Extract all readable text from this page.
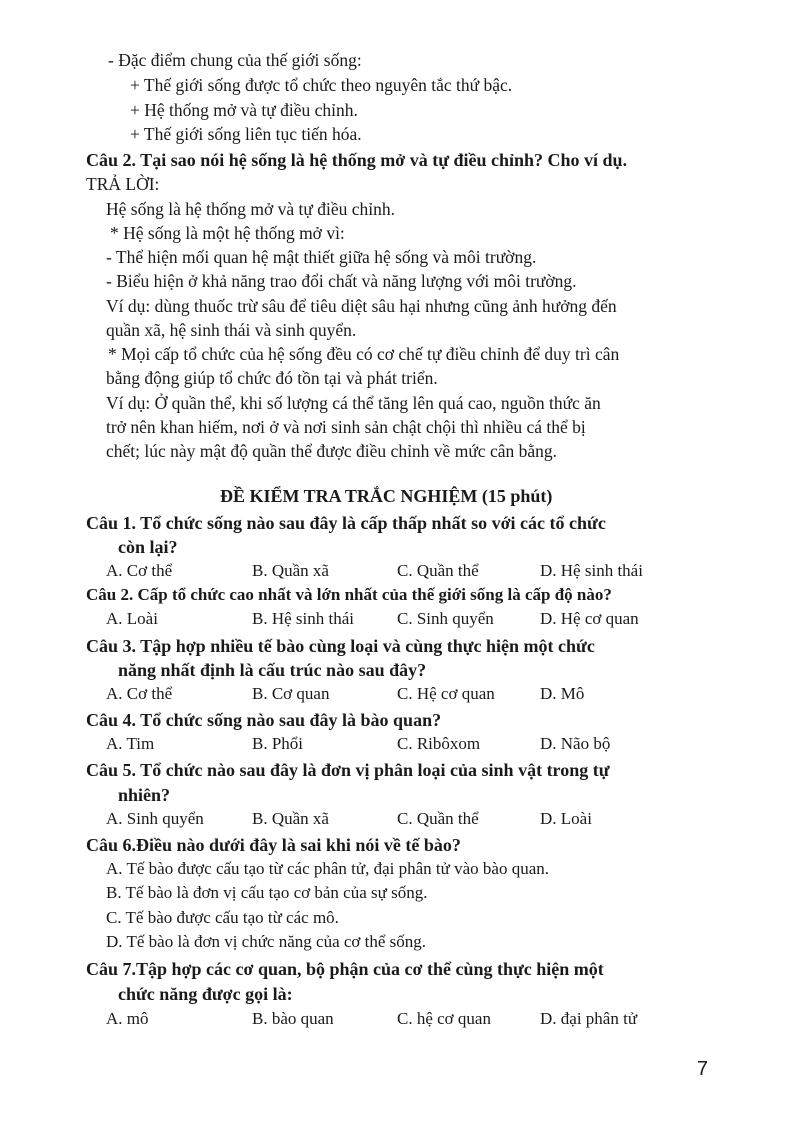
- Đặc điểm chung của thế giới sống:
+ Thế giới sống được tổ chức theo nguyên tắc thứ bậc.
+ Hệ thống mở và tự điều chỉnh.
+ Thế giới sống liên tục tiến hóa.
Câu 2. Tại sao nói hệ sống là hệ thống mở và tự điều chỉnh? Cho ví dụ.
TRẢ LỜI:
Hệ sống là hệ thống mở và tự điều chỉnh.
* Hệ sống là một hệ thống mở vì:
- Thể hiện mối quan hệ mật thiết giữa hệ sống và môi trường.
- Biểu hiện ở khả năng trao đổi chất và năng lượng với môi trường.
Ví dụ: dùng thuốc trừ sâu để tiêu diệt sâu hại nhưng cũng ảnh hưởng đến
quần xã, hệ sinh thái và sinh quyển.
* Mọi cấp tổ chức của hệ sống đều có cơ chế tự điều chỉnh để duy trì cân
bằng động giúp tổ chức đó tồn tại và phát triển.
Ví dụ: Ở quần thể, khi số lượng cá thể tăng lên quá cao, nguồn thức ăn
trở nên khan hiếm, nơi ở và nơi sinh sản chật chội thì nhiều cá thể bị
chết; lúc này mật độ quần thể được điều chỉnh về mức cân bằng.
ĐỀ KIỂM TRA TRẮC NGHIỆM (15 phút)
Câu 1. Tổ chức sống nào sau đây là cấp thấp nhất so với các tổ chức
còn lại?
A. Cơ thể	B. Quần xã	C. Quần thể	D. Hệ sinh thái
Câu 2. Cấp tổ chức cao nhất và lớn nhất của thế giới sống là cấp độ nào?
A. Loài	B. Hệ sinh thái	C. Sinh quyển	D. Hệ cơ quan
Câu 3. Tập hợp nhiều tế bào cùng loại và cùng thực hiện một chức
năng nhất định là cấu trúc nào sau đây?
A. Cơ thể	B. Cơ quan	C. Hệ cơ quan	D. Mô
Câu 4. Tổ chức sống nào sau đây là bào quan?
A. Tim	B. Phổi	C. Ribôxom	D. Não bộ
Câu 5. Tổ chức nào sau đây là đơn vị phân loại của sinh vật trong tự
nhiên?
A. Sinh quyển	B. Quần xã	C. Quần thể	D. Loài
Câu 6.Điều nào dưới đây là sai khi nói về tế bào?
A. Tế bào được cấu tạo từ các phân tử, đại phân tử vào bào quan.
B. Tế bào là đơn vị cấu tạo cơ bản của sự sống.
C. Tế bào được cấu tạo từ các mô.
D. Tế bào là đơn vị chức năng của cơ thể sống.
Câu 7.Tập hợp các cơ quan, bộ phận của cơ thể cùng thực hiện một
chức năng được gọi là:
A. mô	B. bào quan	C. hệ cơ quan	D. đại phân tử
7
